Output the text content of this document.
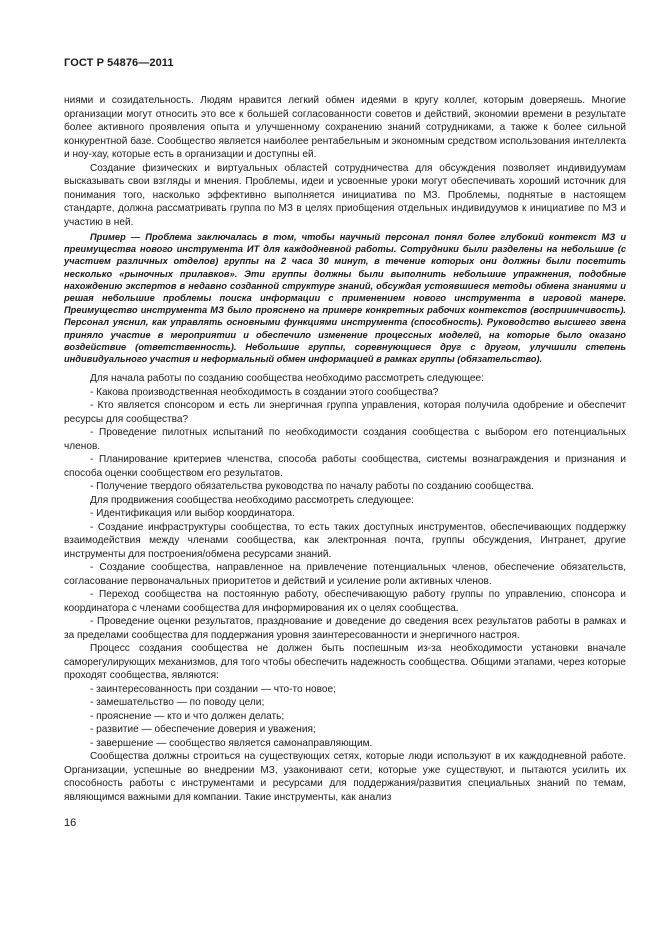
ГОСТ Р 54876—2011

ниями и созидательность. Людям нравится легкий обмен идеями в кругу коллег, которым доверяешь. Многие организации могут относить это все к большей согласованности советов и действий, экономии времени в результате более активного проявления опыта и улучшенному сохранению знаний сотрудниками, а также к более сильной конкурентной базе. Сообщество является наиболее рентабельным и экономным средством использования интеллекта и ноу-хау, которые есть в организации и доступны ей.

Создание физических и виртуальных областей сотрудничества для обсуждения позволяет индивидуумам высказывать свои взгляды и мнения. Проблемы, идеи и усвоенные уроки могут обеспечивать хороший источник для понимания того, насколько эффективно выполняется инициатива по МЗ. Проблемы, поднятые в настоящем стандарте, должна рассматривать группа по МЗ в целях приобщения отдельных индивидуумов к инициативе по МЗ и участию в ней.

Пример — Проблема заключалась в том, чтобы научный персонал понял более глубокий контекст МЗ и преимущества нового инструмента ИТ для каждодневной работы. Сотрудники были разделены на небольшие (с участием различных отделов) группы на 2 часа 30 минут, в течение которых они должны были посетить несколько «рыночных прилавков». Эти группы должны были выполнить небольшие упражнения, подобные нахождению экспертов в недавно созданной структуре знаний, обсуждая устоявшиеся методы обмена знаниями и решая небольшие проблемы поиска информации с применением нового инструмента в игровой манере. Преимущество инструмента МЗ было прояснено на примере конкретных рабочих контекстов (восприимчивость). Персонал уяснил, как управлять основными функциями инструмента (способность). Руководство высшего звена приняло участие в мероприятии и обеспечило изменение процессных моделей, на которые было оказано воздействие (ответственность). Небольшие группы, соревнующиеся друг с другом, улучшили степень индивидуального участия и неформальный обмен информацией в рамках группы (обязательство).

Для начала работы по созданию сообщества необходимо рассмотреть следующее:

- Какова производственная необходимость в создании этого сообщества?

- Кто является спонсором и есть ли энергичная группа управления, которая получила одобрение и обеспечит ресурсы для сообщества?

- Проведение пилотных испытаний по необходимости создания сообщества с выбором его потенциальных членов.

- Планирование критериев членства, способа работы сообщества, системы вознаграждения и признания и способа оценки сообществом его результатов.

- Получение твердого обязательства руководства по началу работы по созданию сообщества.

Для продвижения сообщества необходимо рассмотреть следующее:

- Идентификация или выбор координатора.

- Создание инфраструктуры сообщества, то есть таких доступных инструментов, обеспечивающих поддержку взаимодействия между членами сообщества, как электронная почта, группы обсуждения, Интранет, другие инструменты для построения/обмена ресурсами знаний.

- Создание сообщества, направленное на привлечение потенциальных членов, обеспечение обязательств, согласование первоначальных приоритетов и действий и усиление роли активных членов.

- Переход сообщества на постоянную работу, обеспечивающую работу группы по управлению, спонсора и координатора с членами сообщества для информирования их о целях сообщества.

- Проведение оценки результатов, празднование и доведение до сведения всех результатов работы в рамках и за пределами сообщества для поддержания уровня заинтересованности и энергичного настроя.

Процесс создания сообщества не должен быть поспешным из-за необходимости установки вначале саморегулирующих механизмов, для того чтобы обеспечить надежность сообщества. Общими этапами, через которые проходят сообщества, являются:

- заинтересованность при создании — что-то новое;

- замешательство — по поводу цели;

- прояснение — кто и что должен делать;

- развитие — обеспечение доверия и уважения;

- завершение — сообщество является самонаправляющим.

Сообщества должны строиться на существующих сетях, которые люди используют в их каждодневной работе. Организации, успешные во внедрении МЗ, узаконивают сети, которые уже существуют, и пытаются усилить их способность работы с инструментами и ресурсами для поддержания/развития специальных знаний по темам, являющимся важными для компании. Такие инструменты, как анализ

16
